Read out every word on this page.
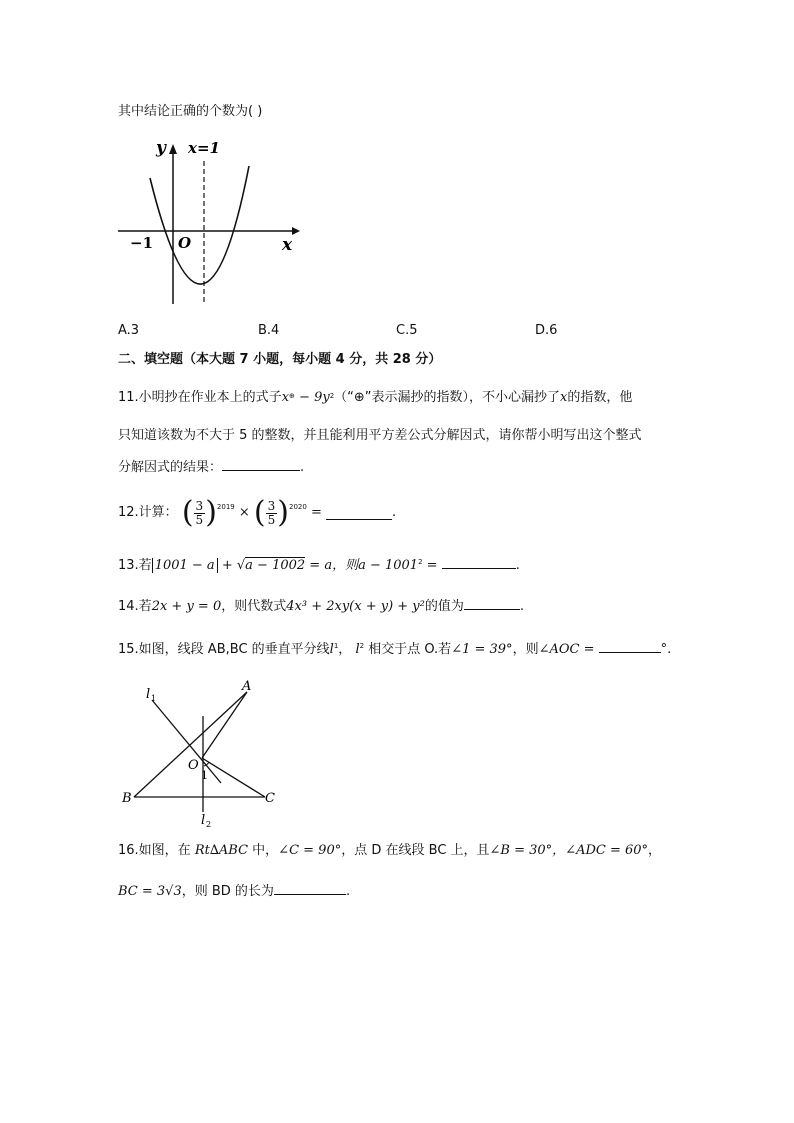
其中结论正确的个数为( )
y x=1
−1 O	x
A.3	B.4	C.5	D.6
二、填空题（本大题 7 小题，每小题 4 分，共 28 分）
11.小明抄在作业本上的式子$x^\oplus - 9y^2(“\oplus$”表示漏抄的指数），不小心漏抄了x的指数，他
只知道该数为不大于 5 的整数，并且能利用平方差公式分解因式，请你帮小明写出这个整式
分解因式的结果：	.
12.计算： ( $\frac{3}{5} )^{2019}$ × ( $\frac{3}{5} )^{2020}$ =	.
13.若 1001 − a + √a − 1002 = a，则$a - 1001^2$ =	.
14.若2x + y = 0，则代数式4x³ + 2xy(x + y) + y²的值为	.
15.如图，线段 AB,BC 的垂直平分线$l^1$， $l^2$ 相交于点 O.若∠1 = 39°，则∠AOC =	°.
l 1
A
O
1
B	C
l 2
16.如图，在 Rt∆ABC 中，∠C = 90°，点 D 在线段 BC 上，且∠B = 30°，∠ADC = 60°，
BC = 3√3，则 BD 的长为	.
